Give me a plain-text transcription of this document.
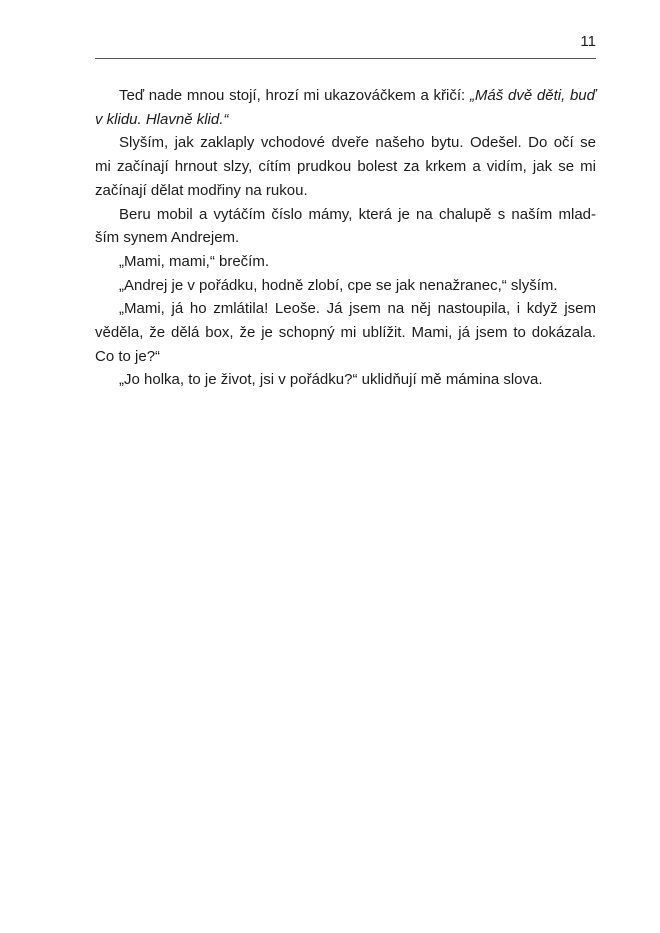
11
Teď nade mnou stojí, hrozí mi ukazováčkem a křičí: „Máš dvě děti, buď
v klidu. Hlavně klid.“
Slyším, jak zaklaply vchodové dveře našeho bytu. Odešel. Do očí se
mi začínají hrnout slzy, cítím prudkou bolest za krkem a vidím, jak se mi
začínají dělat modřiny na rukou.
Beru mobil a vytáčím číslo mámy, která je na chalupě s naším mlad-
ším synem Andrejem.
„Mami, mami,“ brečím.
„Andrej je v pořádku, hodně zlobí, cpe se jak nenažranec,“ slyším.
„Mami, já ho zmlátila! Leoše. Já jsem na něj nastoupila, i když jsem
věděla, že dělá box, že je schopný mi ublížit. Mami, já jsem to dokázala.
Co to je?“
„Jo holka, to je život, jsi v pořádku?“ uklidňují mě mámina slova.
